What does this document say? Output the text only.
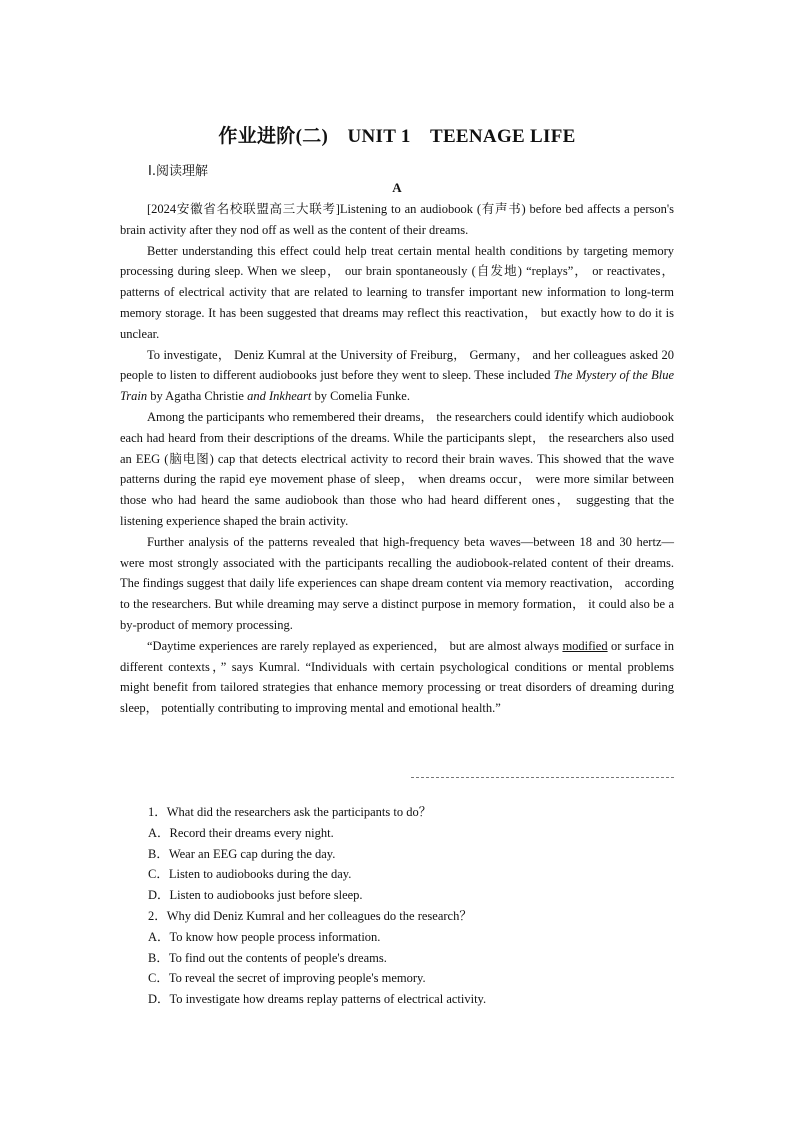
作业进阶(二)　UNIT 1　TEENAGE LIFE
Ⅰ.阅读理解
A

[2024安徽省名校联盟高三大联考]Listening to an audiobook (有声书) before bed affects a person's brain activity after they nod off as well as the content of their dreams.

Better understanding this effect could help treat certain mental health conditions by targeting memory processing during sleep. When we sleep， our brain spontaneously (自发地) “replays”， or reactivates， patterns of electrical activity that are related to learning to transfer important new information to long-term memory storage. It has been suggested that dreams may reflect this reactivation， but exactly how to do it is unclear.

To investigate， Deniz Kumral at the University of Freiburg， Germany， and her colleagues asked 20 people to listen to different audiobooks just before they went to sleep. These included The Mystery of the Blue Train by Agatha Christie and Inkheart by Comelia Funke.

Among the participants who remembered their dreams， the researchers could identify which audiobook each had heard from their descriptions of the dreams. While the participants slept， the researchers also used an EEG (脑电图) cap that detects electrical activity to record their brain waves. This showed that the wave patterns during the rapid eye movement phase of sleep， when dreams occur， were more similar between those who had heard the same audiobook than those who had heard different ones， suggesting that the listening experience shaped the brain activity.

Further analysis of the patterns revealed that high-frequency beta waves—between 18 and 30 hertz—were most strongly associated with the participants recalling the audiobook-related content of their dreams. The findings suggest that daily life experiences can shape dream content via memory reactivation， according to the researchers. But while dreaming may serve a distinct purpose in memory formation， it could also be a by-product of memory processing.

“Daytime experiences are rarely replayed as experienced， but are almost always modified or surface in different contexts，” says Kumral. “Individuals with certain psychological conditions or mental problems might benefit from tailored strategies that enhance memory processing or treat disorders of dreaming during sleep， potentially contributing to improving mental and emotional health.”

1．What did the researchers ask the participants to do？
A．Record their dreams every night.
B．Wear an EEG cap during the day.
C．Listen to audiobooks during the day.
D．Listen to audiobooks just before sleep.
2．Why did Deniz Kumral and her colleagues do the research？
A．To know how people process information.
B．To find out the contents of people's dreams.
C．To reveal the secret of improving people's memory.
D．To investigate how dreams replay patterns of electrical activity.
